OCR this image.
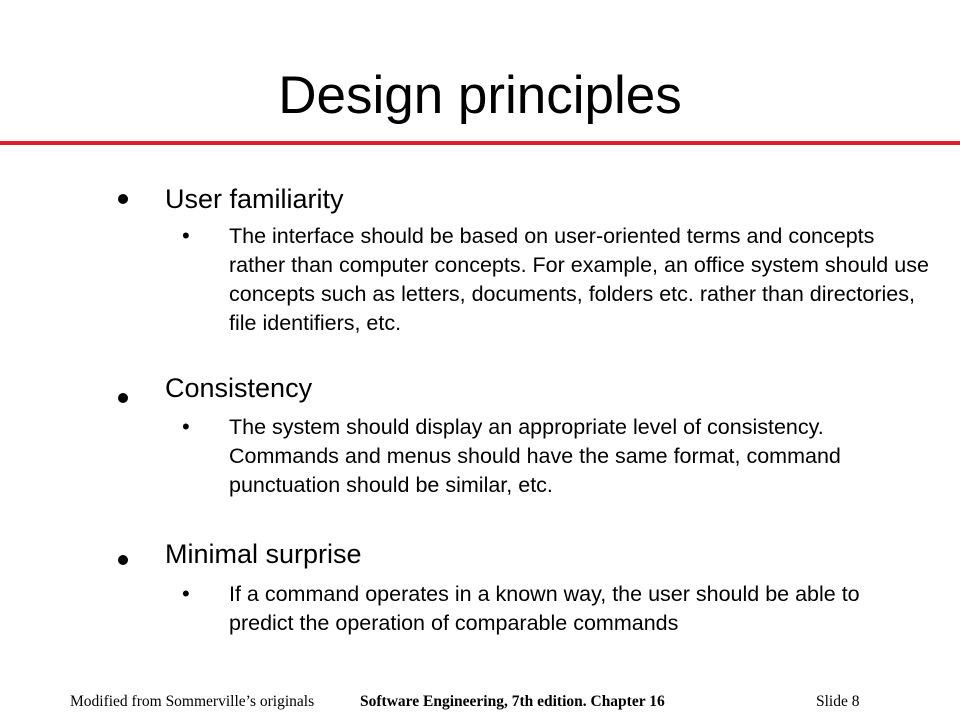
Design principles
User familiarity
• The interface should be based on user-oriented terms and concepts rather than computer concepts. For example, an office system should use concepts such as letters, documents, folders etc. rather than directories, file identifiers, etc.

Consistency
• The system should display an appropriate level of consistency. Commands and menus should have the same format, command punctuation should be similar, etc.

Minimal surprise
• If a command operates in a known way, the user should be able to predict the operation of comparable commands

Modified from Sommerville’s originals	Software Engineering, 7th edition. Chapter 16	Slide 8
